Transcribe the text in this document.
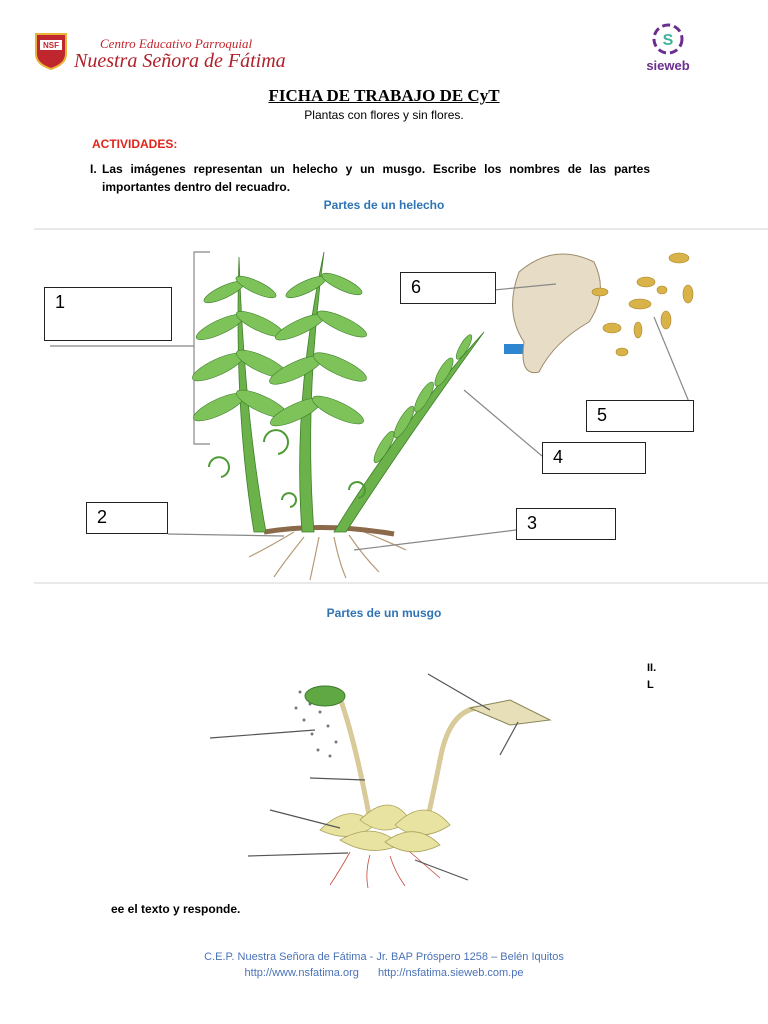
NSF	Centro Educativo Parroquial
Nuestra Señora de Fátima
S
sieweb
FICHA DE TRABAJO DE CyT
Plantas con flores y sin flores.
ACTIVIDADES:
I. Las imágenes representan un helecho y un musgo. Escribe los nombres de las partes importantes dentro del recuadro.
Partes de un helecho
1
2	3
4
5
6
Partes de un musgo
II.
L
ee el texto y responde.
C.E.P. Nuestra Señora de Fátima - Jr. BAP Próspero 1258 – Belén Iquitos
http://www.nsfatima.org http://nsfatima.sieweb.com.pe
